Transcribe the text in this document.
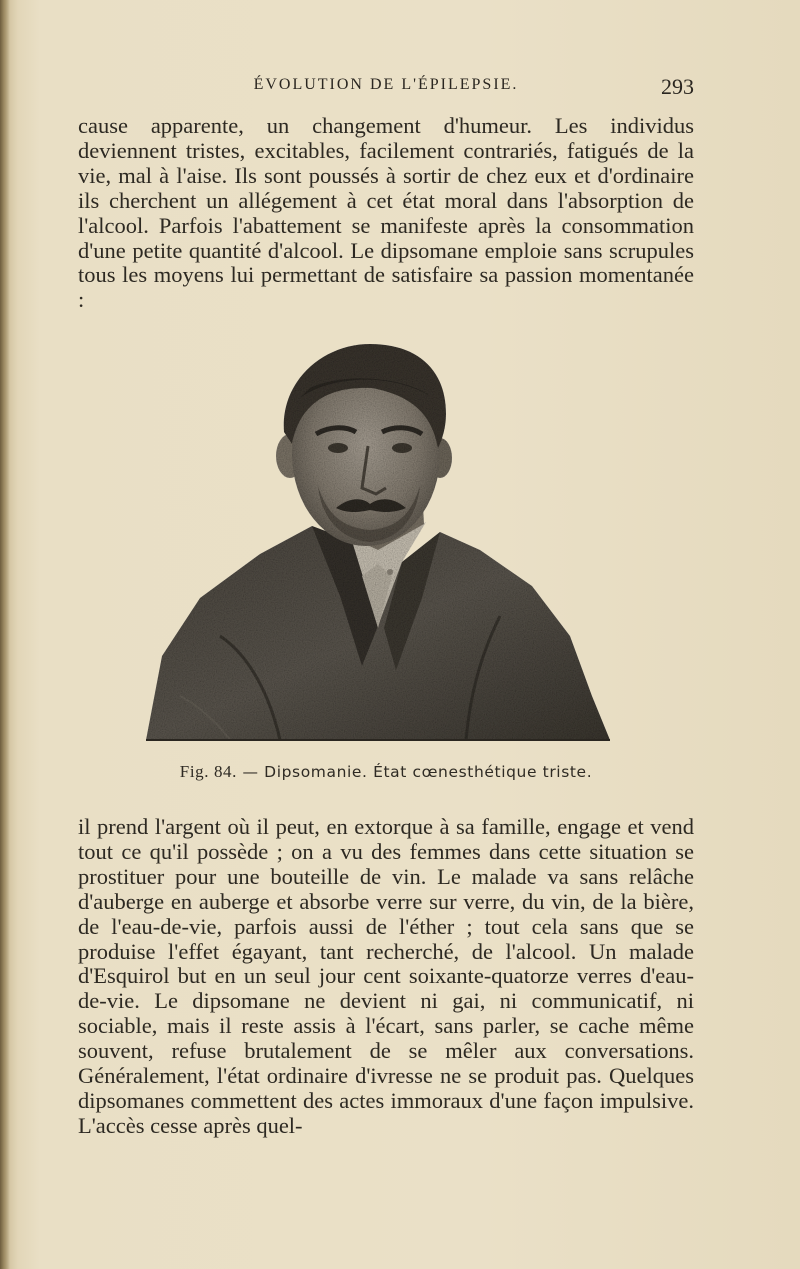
ÉVOLUTION DE L'ÉPILEPSIE.	293
cause apparente, un changement d'humeur. Les individus deviennent tristes, excitables, facilement contrariés, fatigués de la vie, mal à l'aise. Ils sont poussés à sortir de chez eux et d'ordinaire ils cherchent un allégement à cet état moral dans l'absorption de l'alcool. Parfois l'abattement se manifeste après la consommation d'une petite quantité d'alcool. Le dipsomane emploie sans scrupules tous les moyens lui permettant de satisfaire sa passion momentanée :
Fig. 84. — Dipsomanie. État cœnesthétique triste.
il prend l'argent où il peut, en extorque à sa famille, engage et vend tout ce qu'il possède ; on a vu des femmes dans cette situation se prostituer pour une bouteille de vin. Le malade va sans relâche d'auberge en auberge et absorbe verre sur verre, du vin, de la bière, de l'eau-de-vie, parfois aussi de l'éther ; tout cela sans que se produise l'effet égayant, tant recherché, de l'alcool. Un malade d'Esquirol but en un seul jour cent soixante-quatorze verres d'eau-de-vie. Le dipsomane ne devient ni gai, ni communicatif, ni sociable, mais il reste assis à l'écart, sans parler, se cache même souvent, refuse brutalement de se mêler aux conversations. Généralement, l'état ordinaire d'ivresse ne se produit pas. Quelques dipsomanes commettent des actes immoraux d'une façon impulsive. L'accès cesse après quel-
